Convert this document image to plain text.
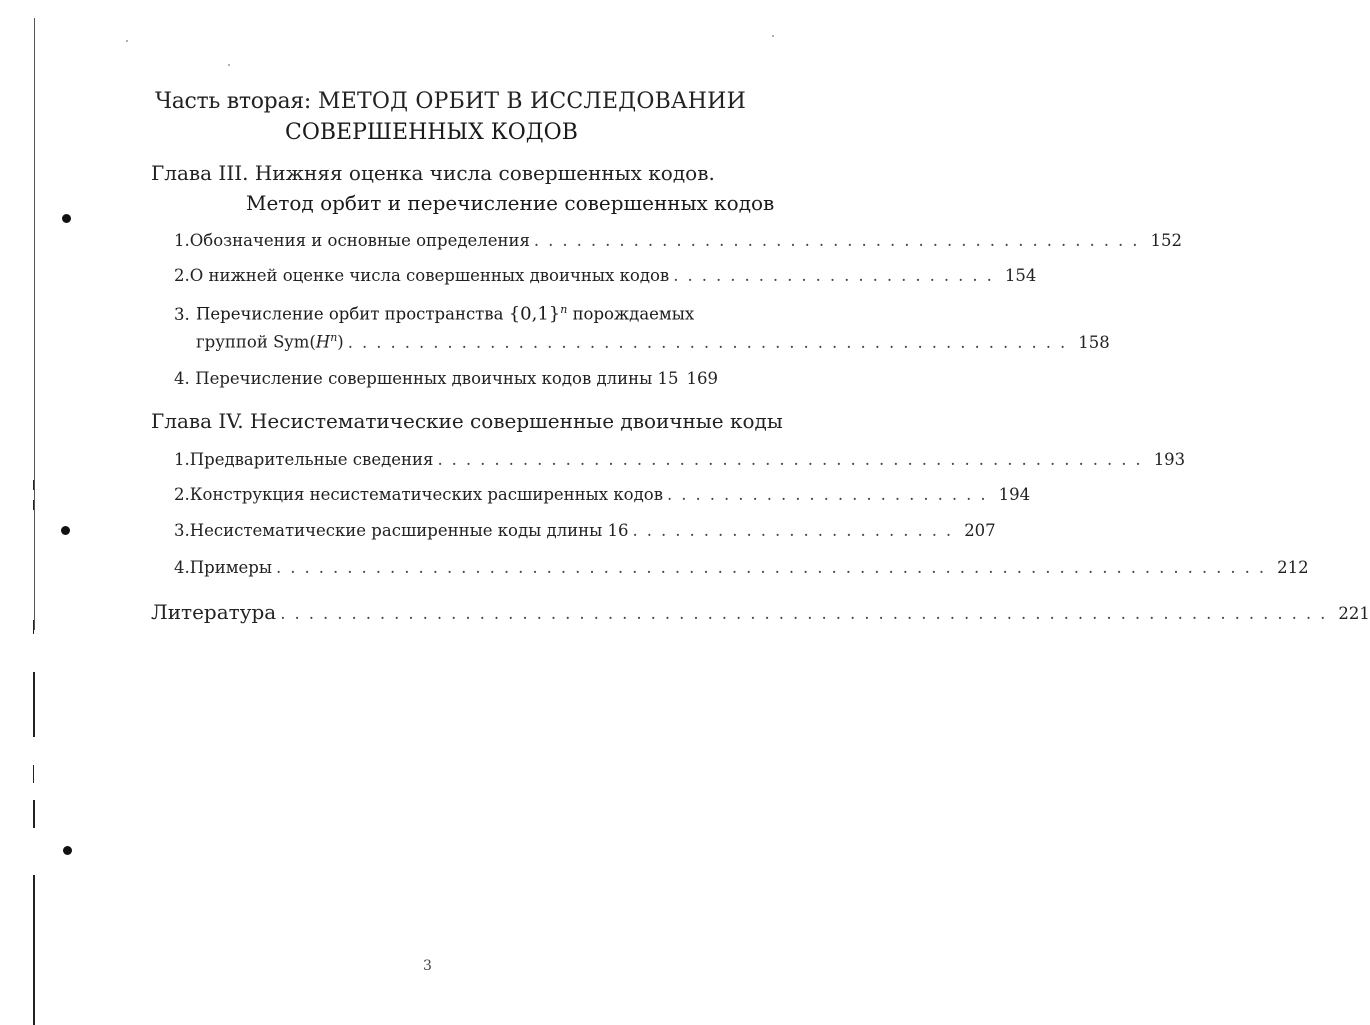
Часть вторая: МЕТОД ОРБИТ В ИССЛЕДОВАНИИ
СОВЕРШЕННЫХ КОДОВ
Глава III. Нижняя оценка числа совершенных кодов.
Метод орбит и перечисление совершенных кодов
1. Обозначения и основные определения ........................................... 152
2. О нижней оценке числа совершенных двоичных кодов ....................... 154
3. Перечисление орбит пространства $\{0,1\}^n$ порождаемых
группой $Sym(H^n)$ ................................................... 158
4. Перечисление совершенных двоичных кодов длины 15 169
Глава IV. Несистематические совершенные двоичные коды
1. Предварительные сведения .................................................. 193
2. Конструкция несистематических расширенных кодов ....................... 194
3. Несистематические расширенные коды длины 16 ....................... 207
4. Примеры ...................................................................... 212
Литература .......................................................................... 221
3
